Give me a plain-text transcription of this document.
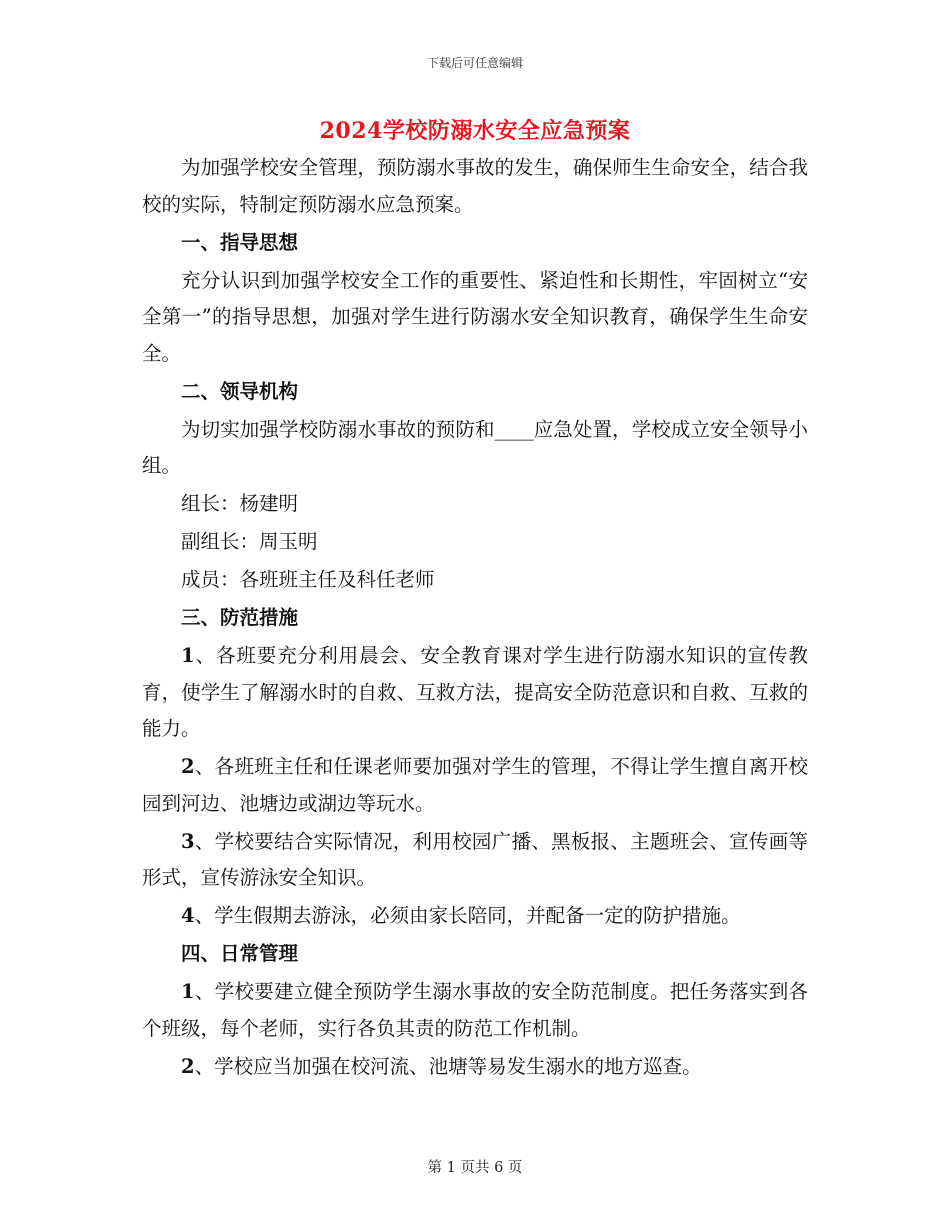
下载后可任意编辑
2024学校防溺水安全应急预案

为加强学校安全管理，预防溺水事故的发生，确保师生生命安全，结合我校的实际，特制定预防溺水应急预案。

一、指导思想

充分认识到加强学校安全工作的重要性、紧迫性和长期性，牢固树立“安全第一”的指导思想，加强对学生进行防溺水安全知识教育，确保学生生命安全。

二、领导机构

为切实加强学校防溺水事故的预防和____应急处置，学校成立安全领导小组。

组长：杨建明

副组长：周玉明

成员：各班班主任及科任老师

三、防范措施

1、各班要充分利用晨会、安全教育课对学生进行防溺水知识的宣传教育，使学生了解溺水时的自救、互救方法，提高安全防范意识和自救、互救的能力。

2、各班班主任和任课老师要加强对学生的管理，不得让学生擅自离开校园到河边、池塘边或湖边等玩水。

3、学校要结合实际情况，利用校园广播、黑板报、主题班会、宣传画等形式，宣传游泳安全知识。

4、学生假期去游泳，必须由家长陪同，并配备一定的防护措施。

四、日常管理

1、学校要建立健全预防学生溺水事故的安全防范制度。把任务落实到各个班级，每个老师，实行各负其责的防范工作机制。

2、学校应当加强在校河流、池塘等易发生溺水的地方巡查。

第 1 页共 6 页
